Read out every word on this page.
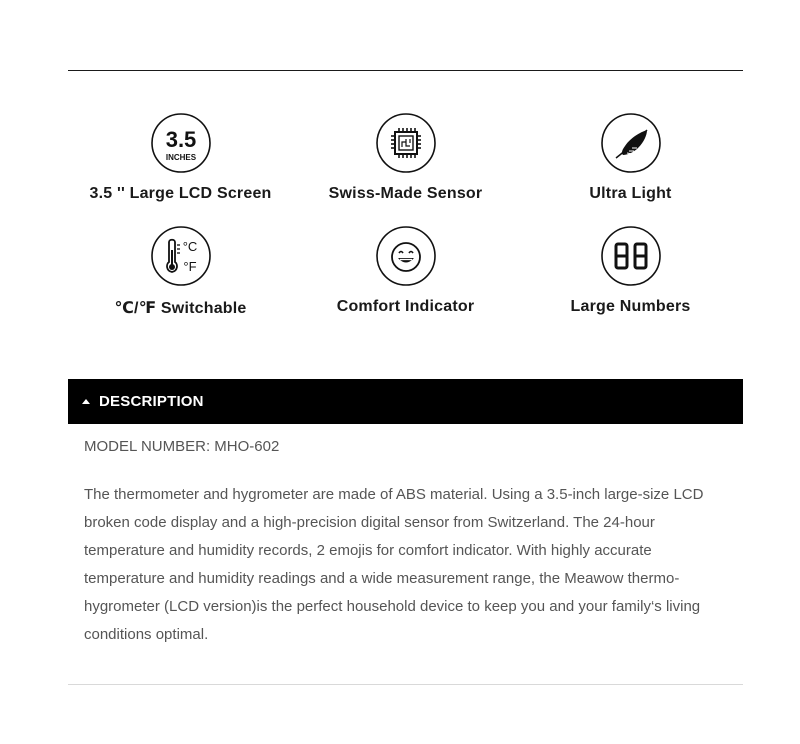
3.5
INCHES
3.5 '' Large LCD Screen	Swiss-Made Sensor	Ultra Light
°C
°F
℃/℉ Switchable	Comfort Indicator	Large Numbers
DESCRIPTION

MODEL NUMBER: MHO-602

The thermometer and hygrometer are made of ABS material. Using a 3.5-inch large-size LCD broken code display and a high-precision digital sensor from Switzerland. The 24-hour temperature and humidity records, 2 emojis for comfort indicator. With highly accurate temperature and humidity readings and a wide measurement range, the Meawow thermo-hygrometer (LCD version)is the perfect household device to keep you and your family‘s living conditions optimal.
